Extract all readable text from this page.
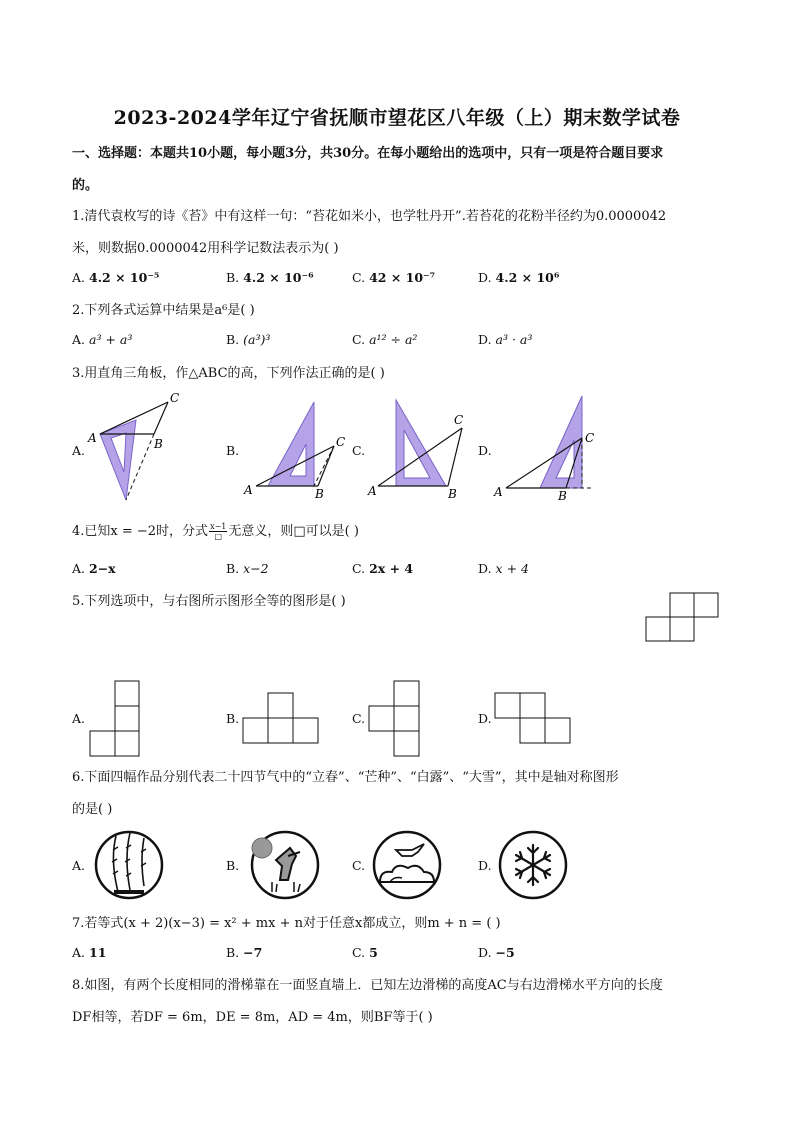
2023-2024学年辽宁省抚顺市望花区八年级（上）期末数学试卷
一、选择题：本题共10小题，每小题3分，共30分。在每小题给出的选项中，只有一项是符合题目要求
的。
1.清代袁枚写的诗《苔》中有这样一句：“苔花如米小，也学牡丹开”.若苔花的花粉半径约为0.0000042
米，则数据0.0000042用科学记数法表示为( )
A. 4.2 × 10⁻⁵	B. 4.2 × 10⁻⁶	C. 42 × 10⁻⁷	D. 4.2 × 10⁶
2.下列各式运算中结果是a⁶是( )
A. a³ + a³	B. (a³)³	C. a¹² ÷ a²	D. a³ · a³
3.用直角三角板，作△ABC的高，下列作法正确的是( )
A.	B.	C.	D.
A	B
C
A	B
C
A	B
C
A	B
C
4.已知x = −2时，分式 $\frac{x-1}{□}$ 无意义，则□可以是( )
A. 2−x	B. x−2	C. 2x + 4	D. x + 4
5.下列选项中，与右图所示图形全等的图形是( )
A.	B.	C.	D.
6.下面四幅作品分别代表二十四节气中的“立春”、“芒种”、“白露”、“大雪”，其中是轴对称图形
的是( )
A.	B.	C.	D.
7.若等式(x + 2)(x−3) = x² + mx + n对于任意x都成立，则m + n = ( )
A. 11	B. −7	C. 5	D. −5
8.如图，有两个长度相同的滑梯靠在一面竖直墙上．已知左边滑梯的高度AC与右边滑梯水平方向的长度
DF相等，若DF = 6m，DE = 8m，AD = 4m，则BF等于( )
